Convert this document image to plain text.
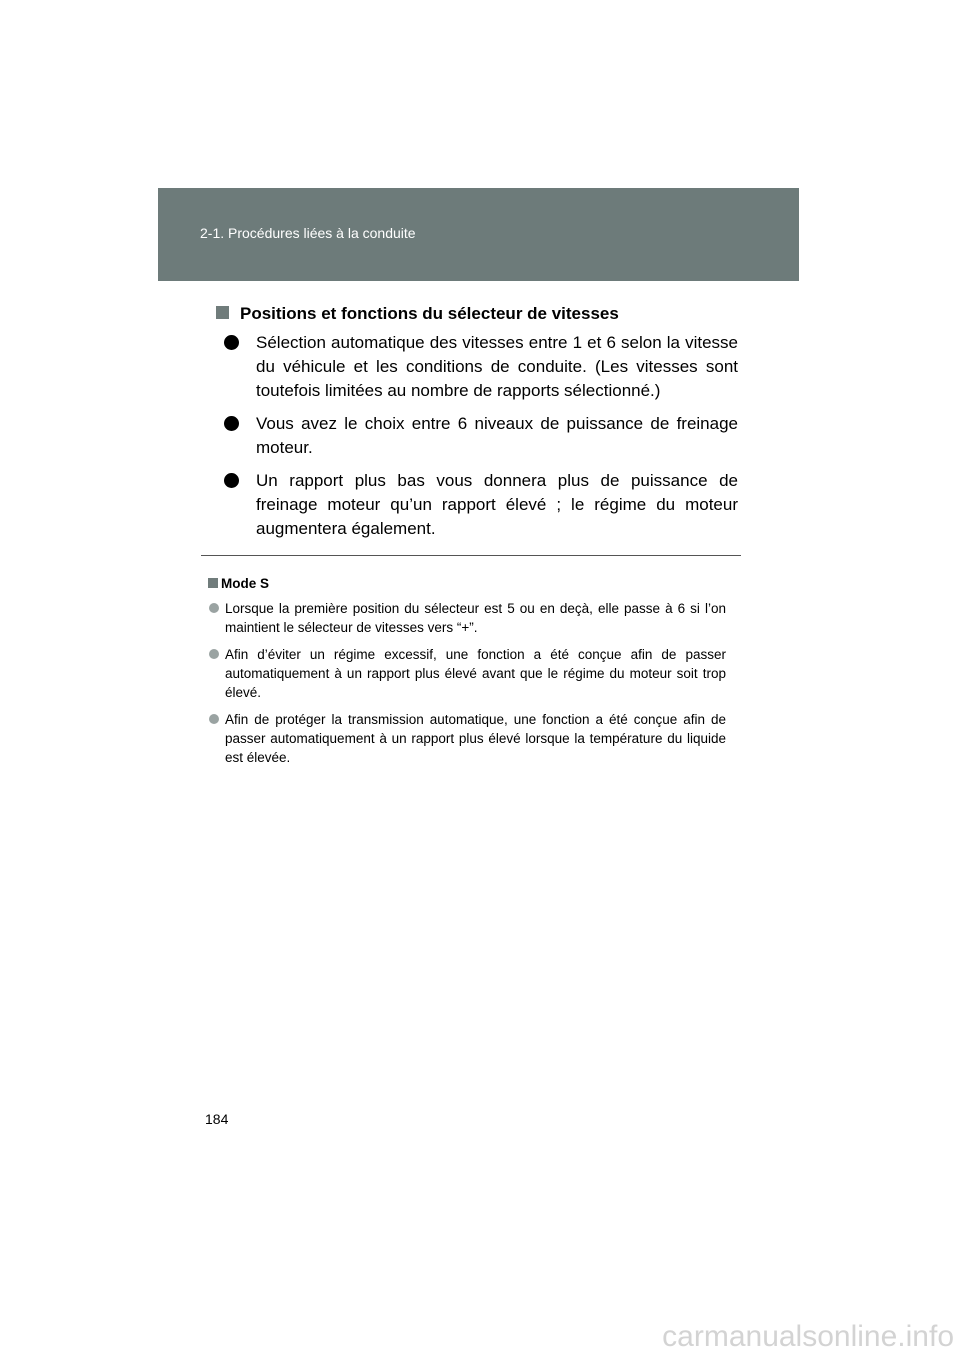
2-1. Procédures liées à la conduite
Positions et fonctions du sélecteur de vitesses
Sélection automatique des vitesses entre 1 et 6 selon la vitesse du véhicule et les conditions de conduite. (Les vitesses sont toutefois limitées au nombre de rapports sélectionné.)
Vous avez le choix entre 6 niveaux de puissance de freinage moteur.
Un rapport plus bas vous donnera plus de puissance de freinage moteur qu’un rapport élevé ; le régime du moteur augmentera également.
Mode S
Lorsque la première position du sélecteur est 5 ou en deçà, elle passe à 6 si l’on maintient le sélecteur de vitesses vers “+”.
Afin d’éviter un régime excessif, une fonction a été conçue afin de passer automatiquement à un rapport plus élevé avant que le régime du moteur soit trop élevé.
Afin de protéger la transmission automatique, une fonction a été conçue afin de passer automatiquement à un rapport plus élevé lorsque la température du liquide est élevée.
184
carmanualsonline.info
